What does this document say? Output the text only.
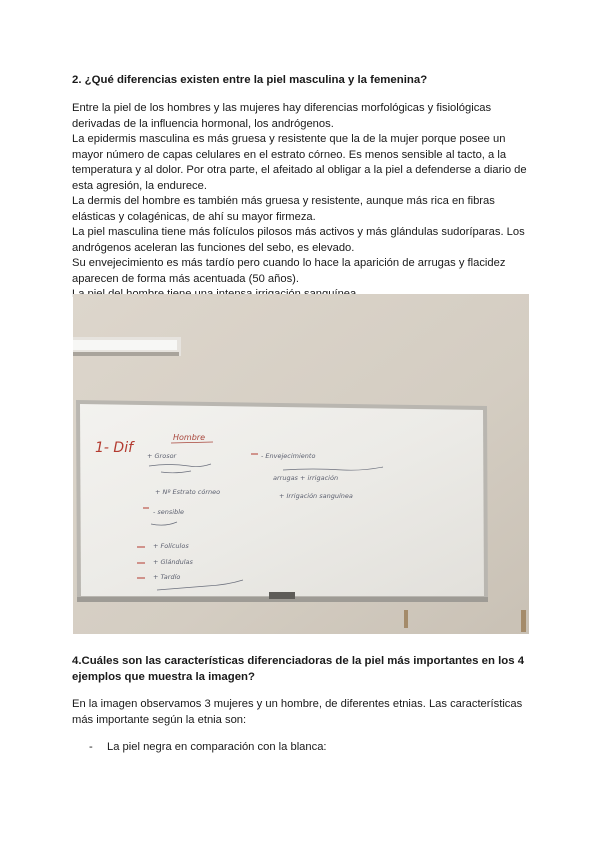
2. ¿Qué diferencias existen entre la piel masculina y la femenina?

Entre la piel de los hombres y las mujeres hay diferencias morfológicas y fisiológicas derivadas de la influencia hormonal, los andrógenos.

La epidermis masculina es más gruesa y resistente que la de la mujer porque posee un mayor número de capas celulares en el estrato córneo. Es menos sensible al tacto, a la temperatura y al dolor. Por otra parte, el afeitado al obligar a la piel a defenderse a diario de esta agresión, la endurece.

La dermis del hombre es también más gruesa y resistente, aunque más rica en fibras elásticas y colagénicas, de ahí su mayor firmeza.

La piel masculina tiene más folículos pilosos más activos y más glándulas sudoríparas. Los andrógenos aceleran las funciones del sebo, es elevado.

Su envejecimiento es más tardío pero cuando lo hace la aparición de arrugas y flacidez aparecen de forma más acentuada (50 años).

1- Dif
Hombre
+ Grosor
+ Nº Estrato córneo
- sensible
+ Folículos
+ Glándulas
+ Tardío
- Envejecimiento
arrugas + irrigación
+ Irrigación sanguínea
4.Cuáles son las características diferenciadoras de la piel más importantes en los 4 ejemplos que muestra la imagen?
En la imagen observamos 3 mujeres y un hombre, de diferentes etnias. Las características más importante según la etnia son:
- La piel negra en comparación con la blanca:
